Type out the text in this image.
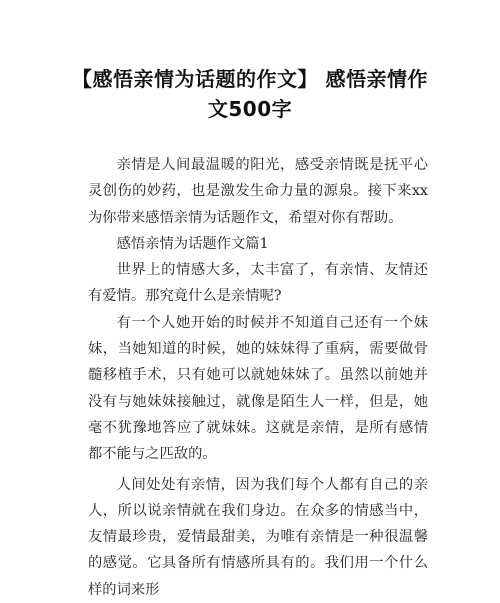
【感悟亲情为话题的作文】 感悟亲情作文500字

亲情是人间最温暖的阳光，感受亲情既是抚平心灵创伤的妙药，也是激发生命力量的源泉。接下来xx为你带来感悟亲情为话题作文，希望对你有帮助。

感悟亲情为话题作文篇1

世界上的情感大多，太丰富了，有亲情、友情还有爱情。那究竟什么是亲情呢?

有一个人她开始的时候并不知道自己还有一个妹妹，当她知道的时候，她的妹妹得了重病，需要做骨髓移植手术，只有她可以就她妹妹了。虽然以前她并没有与她妹妹接触过，就像是陌生人一样，但是，她毫不犹豫地答应了就妹妹。这就是亲情，是所有感情都不能与之匹敌的。

人间处处有亲情，因为我们每个人都有自己的亲人，所以说亲情就在我们身边。在众多的情感当中，友情最珍贵，爱情最甜美，为唯有亲情是一种很温馨的感觉。它具备所有情感所具有的。我们用一个什么样的词来形
